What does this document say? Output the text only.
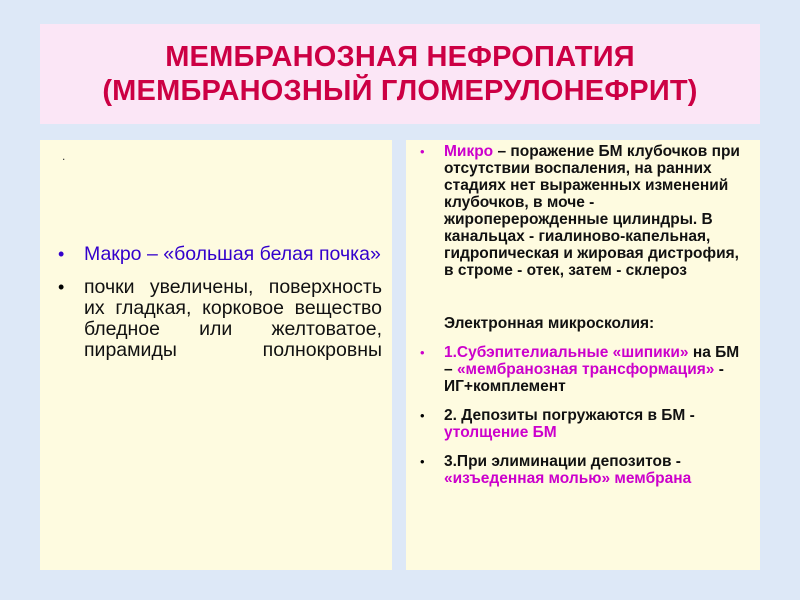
МЕМБРАНОЗНАЯ НЕФРОПАТИЯ
(МЕМБРАНОЗНЫЙ ГЛОМЕРУЛОНЕФРИТ)
.
•	Макро – «большая белая почка»
•	почки увеличены, поверхность их гладкая, корковое вещество бледное или желтоватое, пирамиды полнокровны
•	Микро – поражение БМ клубочков при отсутствии воспаления, на ранних стадиях нет выраженных изменений клубочков, в моче - жироперерожденные цилиндры. В канальцах - гиалиново-капельная, гидропическая и жировая дистрофия, в строме - отек, затем - склероз
Электронная микросколия:
•	1.Субэпителиальные «шипики» на БМ – «мембранозная трансформация» - ИГ+комплемент
•	2. Депозиты погружаются в БМ - утолщение БМ
•	3.При элиминации депозитов - «изъеденная молью» мембрана
